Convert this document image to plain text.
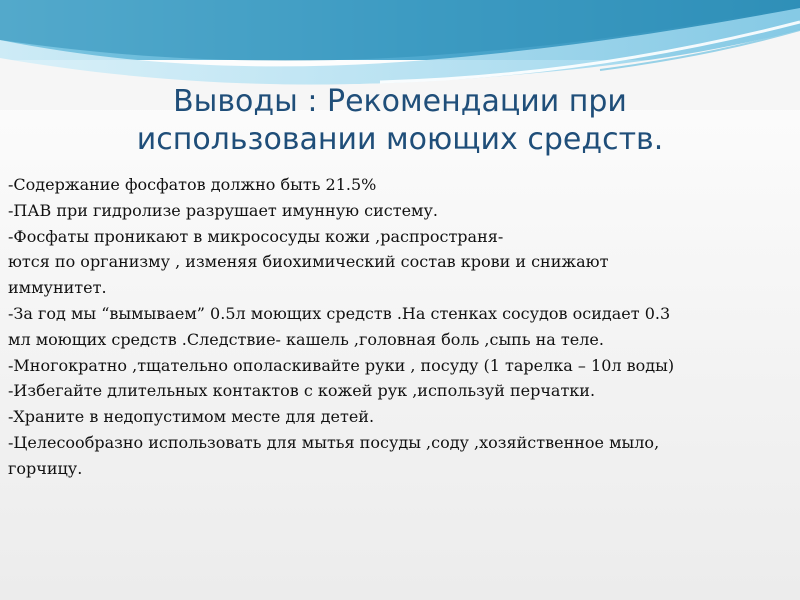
Выводы : Рекомендации при
использовании моющих средств.
-Содержание фосфатов должно быть 21.5%
-ПАВ при гидролизе разрушает имунную систему.
-Фосфаты проникают в микрососуды кожи ,распространя-
ются по организму , изменяя биохимический состав крови и снижают
иммунитет.
-За год мы “вымываем” 0.5л моющих средств .На стенках сосудов осидает 0.3
мл моющих средств .Следствие- кашель ,головная боль ,сыпь на теле.
-Многократно ,тщательно ополаскивайте руки , посуду (1 тарелка – 10л воды)
-Избегайте длительных контактов с кожей рук ,используй перчатки.
-Храните в недопустимом месте для детей.
-Целесообразно использовать для мытья посуды ,соду ,хозяйственное мыло,
горчицу.
